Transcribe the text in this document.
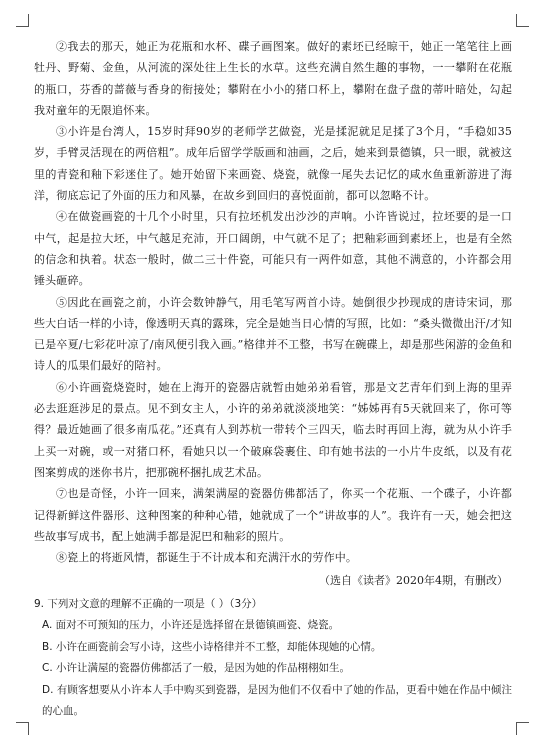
②我去的那天，她正为花瓶和水杯、碟子画图案。做好的素坯已经晾干，她正一笔笔往上画牡丹、野菊、金鱼，从河流的深处往上生长的水草。这些充满自然生趣的事物，一一攀附在花瓶的瓶口，芬香的蔷薇与香身的衔接处；攀附在小小的猪口杯上，攀附在盘子盘的蒂叶暗处，勾起我对童年的无限追怀来。

③小许是台湾人，15岁时拜90岁的老师学艺做瓷，光是揉泥就足足揉了3个月，“手稳如35岁，手臂灵活现在的两倍粗”。成年后留学学版画和油画，之后，她来到景德镇，只一眼，就被这里的青瓷和釉下彩迷住了。她开始留下来画瓷、烧瓷，就像一尾失去记忆的咸水鱼重新游进了海洋，彻底忘记了外面的压力和风暴，在故乡到回归的喜悦面前，都可以忽略不计。

④在做瓷画瓷的十几个小时里，只有拉坯机发出沙沙的声响。小许皆说过，拉坯要的是一口中气，起是拉大坯，中气越足充沛，开口阔朗，中气就不足了；把釉彩画到素坯上，也是有全然的信念和执着。状态一般时，做二三十件瓷，可能只有一两件如意，其他不满意的，小许都会用锤头砸碎。

⑤因此在画瓷之前，小许会数钟静气，用毛笔写两首小诗。她倒很少抄现成的唐诗宋词，那些大白话一样的小诗，像透明天真的露珠，完全是她当日心情的写照，比如：“桑头微微出汗/才知已是卒夏/七彩花叶凉了/南风便引我入画。”格律并不工整，书写在碗碟上，却是那些闲游的金鱼和诗人的瓜果们最好的陪衬。

⑥小许画瓷烧瓷时，她在上海开的瓷器店就暂由她弟弟看管，那是文艺青年们到上海的里弄必去逛逛涉足的景点。见不到女主人，小许的弟弟就淡淡地笑：“姊姊再有5天就回来了，你可等得？最近她画了很多南瓜花。”还真有人到苏杭一带转个三四天，临去时再回上海，就为从小许手上买一对碗，或一对猪口杯，看她只以一个破麻袋裹住、印有她书法的一小片牛皮纸，以及有花图案剪成的迷你书片，把那碗杯捆扎成艺术品。

⑦也是奇怪，小许一回来，满架满屋的瓷器仿佛都活了，你买一个花瓶、一个碟子，小许都记得新鲜这件器形、这种图案的种种心错，她就成了一个“讲故事的人”。我许有一天，她会把这些故事写成书，配上她满手都是泥巴和釉彩的照片。

⑧瓷上的将逝风情，都诞生于不计成本和充满汗水的劳作中。

（选自《读者》2020年4期，有删改）

9. 下列对文意的理解不正确的一项是（ ）（3分）

A. 面对不可预知的压力，小许还是选择留在景德镇画瓷、烧瓷。

B. 小许在画瓷前会写小诗，这些小诗格律并不工整，却能体现她的心情。

C. 小许让满屋的瓷器仿佛都活了一般，是因为她的作品栩栩如生。

D. 有顾客想要从小许本人手中购买到瓷器，是因为他们不仅看中了她的作品，更看中她在作品中倾注的心血。
